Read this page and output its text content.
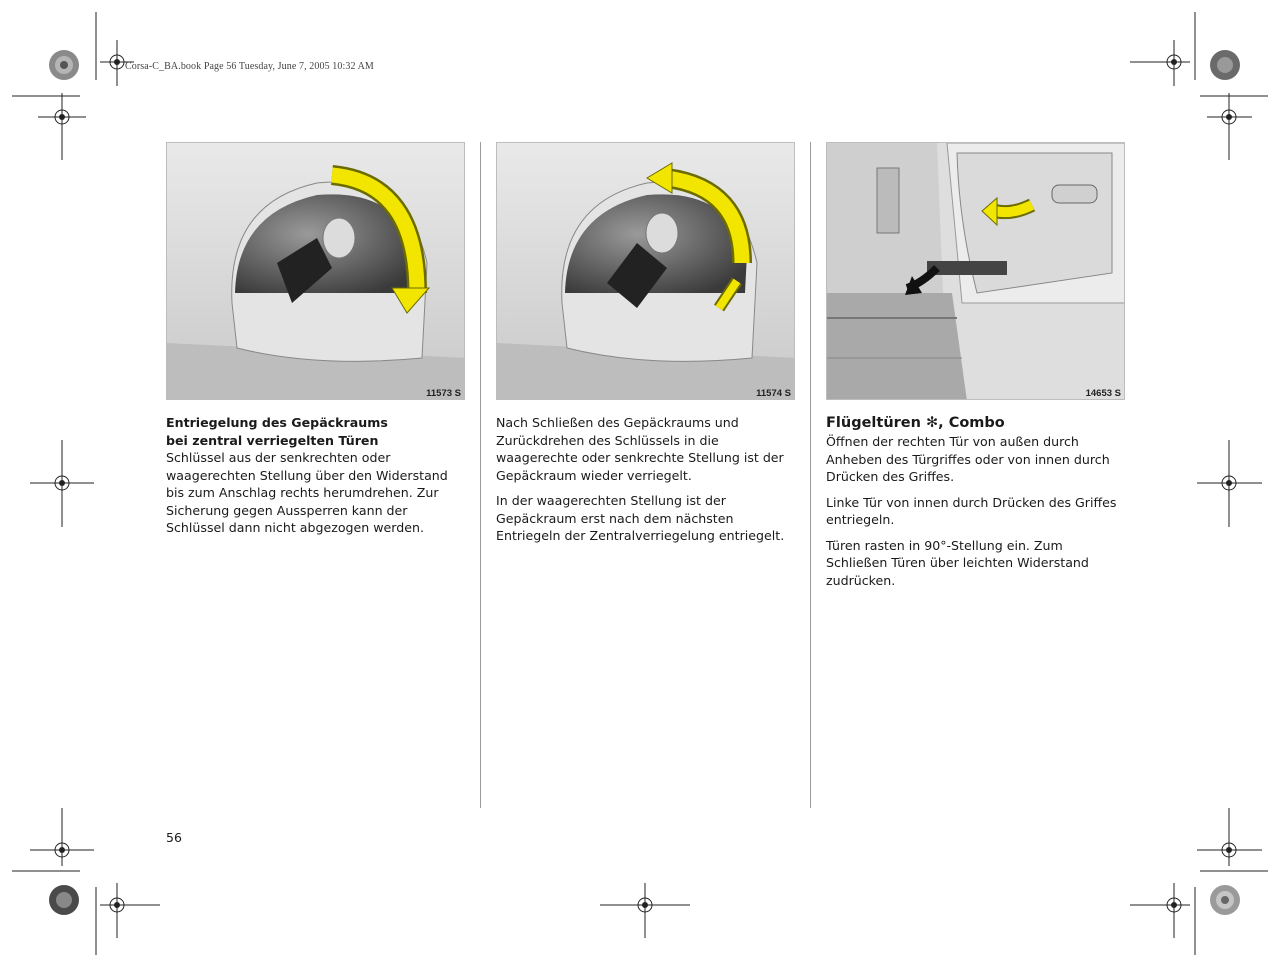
Corsa-C_BA.book Page 56 Tuesday, June 7, 2005 10:32 AM
11573 S	11574 S	14653 S
Entriegelung des Gepäckraums
bei zentral verriegelten Türen

Schlüssel aus der senkrechten oder waagerechten Stellung über den Widerstand bis zum Anschlag rechts herumdrehen. Zur Sicherung gegen Aussperren kann der Schlüssel dann nicht abgezogen werden.

Nach Schließen des Gepäckraums und Zurückdrehen des Schlüssels in die waagerechte oder senkrechte Stellung ist der Gepäckraum wieder verriegelt.

In der waagerechten Stellung ist der Gepäckraum erst nach dem nächsten Entriegeln der Zentralverriegelung entriegelt.

Flügeltüren ✻, Combo

Öffnen der rechten Tür von außen durch Anheben des Türgriffes oder von innen durch Drücken des Griffes.

Linke Tür von innen durch Drücken des Griffes entriegeln.

Türen rasten in 90°-Stellung ein. Zum Schließen Türen über leichten Widerstand zudrücken.

56
